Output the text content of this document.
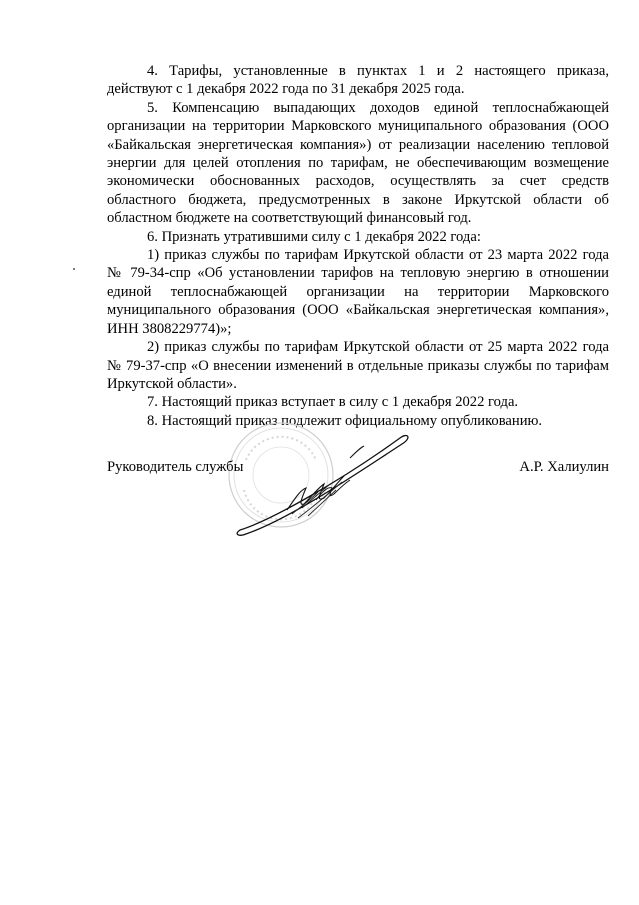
4. Тарифы, установленные в пунктах 1 и 2 настоящего приказа, действуют с 1 декабря 2022 года по 31 декабря 2025 года.

5. Компенсацию выпадающих доходов единой теплоснабжающей организации на территории Марковского муниципального образования (ООО «Байкальская энергетическая компания») от реализации населению тепловой энергии для целей отопления по тарифам, не обеспечивающим возмещение экономически обоснованных расходов, осуществлять за счет средств областного бюджета, предусмотренных в законе Иркутской области об областном бюджете на соответствующий финансовый год.

6. Признать утратившими силу с 1 декабря 2022 года:

1) приказ службы по тарифам Иркутской области от 23 марта 2022 года № 79-34-спр «Об установлении тарифов на тепловую энергию в отношении единой теплоснабжающей организации на территории Марковского муниципального образования (ООО «Байкальская энергетическая компания», ИНН 3808229774)»;

2) приказ службы по тарифам Иркутской области от 25 марта 2022 года № 79-37-спр «О внесении изменений в отдельные приказы службы по тарифам Иркутской области».

7. Настоящий приказ вступает в силу с 1 декабря 2022 года.

8. Настоящий приказ подлежит официальному опубликованию.

Руководитель службы	А.Р. Халиулин
